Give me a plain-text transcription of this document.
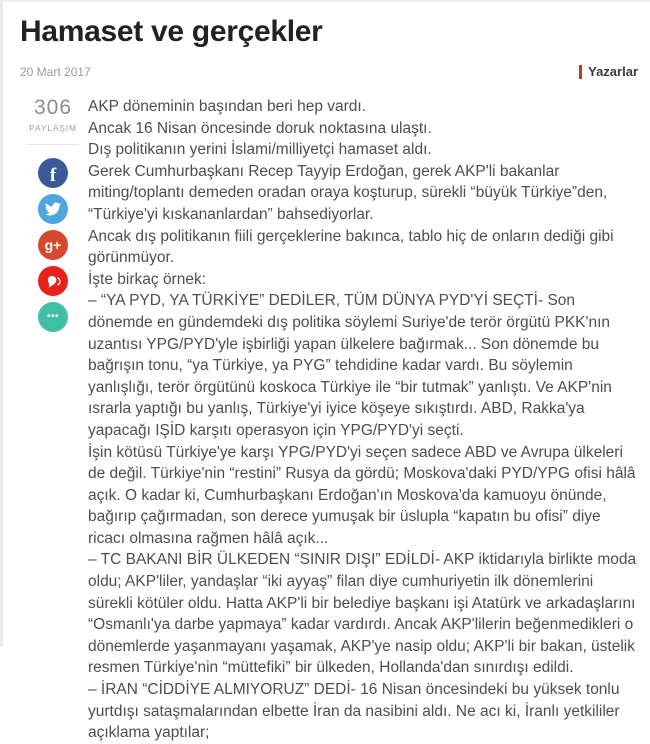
Hamaset ve gerçekler
20 Mart 2017	Yazarlar
306
PAYLAŞIM
f
g+
•••

AKP döneminin başından beri hep vardı.

Ancak 16 Nisan öncesinde doruk noktasına ulaştı.

Dış politikanın yerini İslami/milliyetçi hamaset aldı.

Gerek Cumhurbaşkanı Recep Tayyip Erdoğan, gerek AKP'li bakanlar miting/toplantı demeden oradan oraya koşturup, sürekli “büyük Türkiye”den, “Türkiye'yi kıskananlardan” bahsediyorlar.

Ancak dış politikanın fiili gerçeklerine bakınca, tablo hiç de onların dediği gibi görünmüyor.

İşte birkaç örnek:

– “YA PYD, YA TÜRKİYE” DEDİLER, TÜM DÜNYA PYD'Yİ SEÇTİ- Son dönemde en gündemdeki dış politika söylemi Suriye'de terör örgütü PKK'nın uzantısı YPG/PYD'yle işbirliği yapan ülkelere bağırmak... Son dönemde bu bağrışın tonu, “ya Türkiye, ya PYG” tehdidine kadar vardı. Bu söylemin yanlışlığı, terör örgütünü koskoca Türkiye ile “bir tutmak” yanlıştı. Ve AKP'nin ısrarla yaptığı bu yanlış, Türkiye'yi iyice köşeye sıkıştırdı. ABD, Rakka'ya yapacağı IŞİD karşıtı operasyon için YPG/PYD'yi seçti.

İşin kötüsü Türkiye'ye karşı YPG/PYD'yi seçen sadece ABD ve Avrupa ülkeleri de değil. Türkiye'nin “restini” Rusya da gördü; Moskova'daki PYD/YPG ofisi hâlâ açık. O kadar ki, Cumhurbaşkanı Erdoğan'ın Moskova'da kamuoyu önünde, bağırıp çağırmadan, son derece yumuşak bir üslupla “kapatın bu ofisi” diye ricacı olmasına rağmen hâlâ açık...

– TC BAKANI BİR ÜLKEDEN “SINIR DIŞI” EDİLDİ- AKP iktidarıyla birlikte moda oldu; AKP'liler, yandaşlar “iki ayyaş” filan diye cumhuriyetin ilk dönemlerini sürekli kötüler oldu. Hatta AKP'li bir belediye başkanı işi Atatürk ve arkadaşlarını “Osmanlı'ya darbe yapmaya” kadar vardırdı. Ancak AKP'lilerin beğenmedikleri o dönemlerde yaşanmayanı yaşamak, AKP'ye nasip oldu; AKP'li bir bakan, üstelik resmen Türkiye'nin “müttefiki” bir ülkeden, Hollanda'dan sınırdışı edildi.

– İRAN “CİDDİYE ALMIYORUZ” DEDİ- 16 Nisan öncesindeki bu yüksek tonlu yurtdışı sataşmalarından elbette İran da nasibini aldı. Ne acı ki, İranlı yetkililer açıklama yaptılar;
